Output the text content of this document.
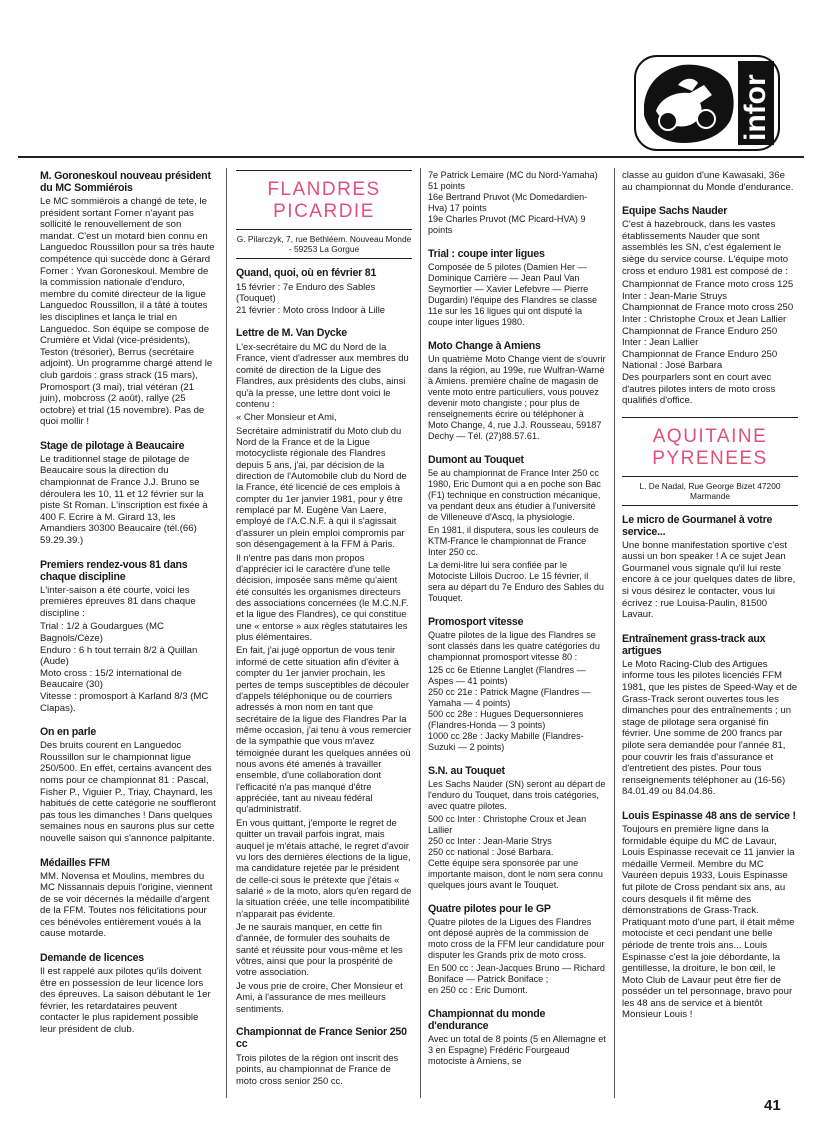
infor
M. Goroneskoul nouveau président du MC Sommiérois

Le MC sommiérois a changé de tete, le président sortant Forner n'ayant pas sollicité le renouvellement de son mandat. C'est un motard bien connu en Languedoc Roussillon pour sa très haute compétence qui succède donc à Gérard Forner : Yvan Goroneskoul. Membre de la commission nationale d'enduro, membre du comité directeur de la ligue Languedoc Roussillon, il a tâté à toutes les disciplines et lança le trial en Languedoc. Son équipe se compose de Crumière et Vidal (vice-présidents), Teston (trésorier), Berrus (secrétaire adjoint). Un programme chargé attend le club gardois : grass strack (15 mars), Promosport (3 mai), trial vétéran (21 juin), mobcross (2 août), rallye (25 octobre) et trial (15 novembre). Pas de quoi mollir !

Stage de pilotage à Beaucaire

Le traditionnel stage de pilotage de Beaucaire sous la direction du championnat de France J.J. Bruno se déroulera les 10, 11 et 12 février sur la piste St Roman. L'inscription est fixée à 400 F. Ecrire à M. Girard 13, les Amandiers 30300 Beaucaire (tél.(66) 59.29.39.)

Premiers rendez-vous 81 dans chaque discipline

L'inter-saison a été courte, voici les premières épreuves 81 dans chaque discipline :

Trial : 1/2 à Goudargues (MC Bagnols/Cèze)

Enduro : 6 h tout terrain 8/2 à Quillan (Aude)

Moto cross : 15/2 international de Beaucaire (30)

Vitesse : promosport à Karland 8/3 (MC Clapas).

On en parle

Des bruits courent en Languedoc Roussillon sur le championnat ligue 250/500. En effet, certains avancent des noms pour ce championnat 81 : Pascal, Fisher P., Viguier P., Triay, Chaynard, les habitués de cette catégorie ne souffleront pas tous les dimanches ! Dans quelques semaines nous en saurons plus sur cette nouvelle saison qui s'annonce palpitante.

Médailles FFM

MM. Novensa et Moulins, membres du MC Nissannais depuis l'origine, viennent de se voir décernés la médaille d'argent de la FFM. Toutes nos félicitations pour ces bénévoles entièrement voués à la cause motarde.

Demande de licences

Il est rappelé aux pilotes qu'ils doivent être en possession de leur licence lors des épreuves. La saison débutant le 1er février, les retardataires peuvent contacter le plus rapidement possible leur président de club.

FLANDRES PICARDIE
G. Pilarczyk, 7, rue Bethléem. Nouveau Monde - 59253 La Gorgue
Quand, quoi, où en février 81

15 février : 7e Enduro des Sables (Touquet)

21 février : Moto cross Indoor à Lille

Lettre de M. Van Dycke

L'ex-secrétaire du MC du Nord de la France, vient d'adresser aux membres du comité de direction de la Ligue des Flandres, aux présidents des clubs, ainsi qu'à la presse, une lettre dont voici le contenu :

« Cher Monsieur et Ami,

Secrétaire administratif du Moto club du Nord de la France et de la Ligue motocycliste régionale des Flandres depuis 5 ans, j'ai, par décision de la direction de l'Automobile club du Nord de la France, été licencié de ces emplois à compter du 1er janvier 1981, pour y être remplacé par M. Eugène Van Laere, employé de l'A.C.N.F. à qui il s'agissait d'assurer un plein emploi compromis par son désengagement à la FFM à Paris.

Il n'entre pas dans mon propos d'apprécier ici le caractère d'une telle décision, imposée sans même qu'aient été consultés les organismes directeurs des associations concernées (le M.C.N.F. et la ligue des Flandres), ce qui constitue une « entorse » aux règles statutaires les plus élémentaires.

En fait, j'ai jugé opportun de vous tenir informé de cette situation afin d'éviter à compter du 1er janvier prochain, les pertes de temps susceptibles de découler d'appels téléphonique ou de courriers adressés à mon nom en tant que secrétaire de la ligue des Flandres Par la même occasion, j'ai tenu à vous remercier de la sympathie que vous m'avez témoignée durant les quelques années où nous avons été amenés à travailler ensemble, d'une collaboration dont l'efficacité n'a pas manqué d'être appréciée, tant au niveau fédéral qu'administratif.

En vous quittant, j'emporte le regret de quitter un travail parfois ingrat, mais auquel je m'étais attaché, le regret d'avoir vu lors des dernières élections de la ligue, ma candidature rejetée par le président de celle-ci sous le prétexte que j'étais « salarié » de la moto, alors qu'en regard de la situation créée, une telle incompatibilité n'apparait pas évidente.

Je ne saurais manquer, en cette fin d'année, de formuler des souhaits de santé et réussite pour vous-même et les vôtres, ainsi que pour la prospérité de votre association.

Je vous prie de croire, Cher Monsieur et Ami, à l'assurance de mes meilleurs sentiments.

Championnat de France Senior 250 cc

Trois pilotes de la région ont inscrit des points, au championnat de France de moto cross senior 250 cc.

7e Patrick Lemaire (MC du Nord-Yamaha) 51 points

16e Bertrand Pruvot (Mc Domedardien-Hva) 17 points

19e Charles Pruvot (MC Picard-HVA) 9 points

Trial : coupe inter ligues

Composée de 5 pilotes (Damien Her — Dominique Carrière — Jean Paul Van Seymortier — Xavier Lefebvre — Pierre Dugardin) l'équipe des Flandres se classe 11e sur les 16 ligues qui ont disputé la coupe inter ligues 1980.

Moto Change à Amiens

Un quatrième Moto Change vient de s'ouvrir dans la région, au 199e, rue Wulfran-Warné à Amiens. première chaîne de magasin de vente moto entre particuliers, vous pouvez devenir moto changiste ; pour plus de renseignements écrire ou téléphoner à Moto Change, 4, rue J.J. Rousseau, 59187 Dechy — Tél. (27)88.57.61.

Dumont au Touquet

5e au championnat de France Inter 250 cc 1980, Eric Dumont qui a en poche son Bac (F1) technique en construction mécanique, va pendant deux ans étudier à l'université de Villeneuve d'Ascq, la physiologie.

En 1981, il disputera, sous les couleurs de KTM-France le championnat de France Inter 250 cc.

La demi-litre lui sera confiée par le Motociste Lillois Ducroo. Le 15 février, il sera au départ du 7e Enduro des Sables du Touquet.

Promosport vitesse

Quatre pilotes de la ligue des Flandres se sont classés dans les quatre catégories du championnat promosport vitesse 80 :

125 cc 6e Etienne Langlet (Flandres — Aspes — 41 points)

250 cc 21e : Patrick Magne (Flandres — Yamaha — 4 points)

500 cc 28e : Hugues Dequersonnieres (Flandres-Honda — 3 points)

1000 cc 28e : Jacky Mabille (Flandres-Suzuki — 2 points)

S.N. au Touquet

Les Sachs Nauder (SN) seront au départ de l'enduro du Touquet, dans trois catégories, avec quatre pilotes.

500 cc Inter : Christophe Croux et Jean Lallier

250 cc Inter : Jean-Marie Strys

250 cc national : José Barbara.

Cette équipe sera sponsorée par une importante maison, dont le nom sera connu quelques jours avant le Touquet.

Quatre pilotes pour le GP

Quatre pilotes de la Ligues des Flandres ont déposé auprès de la commission de moto cross de la FFM leur candidature pour disputer les Grands prix de moto cross.

En 500 cc : Jean-Jacques Bruno — Richard Boniface — Patrick Boniface ;

en 250 cc : Eric Dumont.

Championnat du monde d'endurance

Avec un total de 8 points (5 en Allemagne et 3 en Espagne) Frédéric Fourgeaud motociste à Amiens, se

classe au guidon d'une Kawasaki, 36e au championnat du Monde d'endurance.

Equipe Sachs Nauder

C'est à hazebrouck, dans les vastes établissements Nauder que sont assemblés les SN, c'est également le siège du service course. L'équipe moto cross et enduro 1981 est composé de :

Championnat de France moto cross 125 Inter : Jean-Marie Struys

Championnat de France moto cross 250 Inter : Christophe Croux et Jean Lallier

Championnat de France Enduro 250 Inter : Jean Lallier

Championnat de France Enduro 250 National : José Barbara

Des pourparlers sont en court avec d'autres pilotes inters de moto cross qualifiés d'office.

AQUITAINE PYRENEES
L. De Nadal, Rue George Bizet 47200 Marmande
Le micro de Gourmanel à votre service...

Une bonne manifestation sportive c'est aussi un bon speaker ! A ce sujet Jean Gourmanel vous signale qu'il lui reste encore à ce jour quelques dates de libre, si vous désirez le contacter, vous lui écrivez : rue Louisa-Paulin, 81500 Lavaur.

Entraînement grass-track aux artigues

Le Moto Racing-Club des Artigues informe tous les pilotes licenciés FFM 1981, que les pistes de Speed-Way et de Grass-Track seront ouvertes tous les dimanches pour des entraînements ; un stage de pilotage sera organisé fin février. Une somme de 200 francs par pilote sera demandée pour l'année 81, pour couvrir les frais d'assurance et d'entretient des pistes. Pour tous renseignements téléphoner au (16-56) 84.01.49 ou 84.04.86.

Louis Espinasse 48 ans de service !

Toujours en première ligne dans la formidable équipe du MC de Lavaur, Louis Espinasse recevait ce 11 janvier la médaille Vermeil. Membre du MC Vauréen depuis 1933, Louis Espinasse fut pilote de Cross pendant six ans, au cours desquels il fit même des démonstrations de Grass-Track. Pratiquant moto d'une part, il était même motociste et ceci pendant une belle période de trente trois ans... Louis Espinasse c'est la joie débordante, la gentillesse, la droiture, le bon œil, le Moto Club de Lavaur peut être fier de posséder un tel personnage, bravo pour les 48 ans de service et à bientôt Monsieur Louis !

41
